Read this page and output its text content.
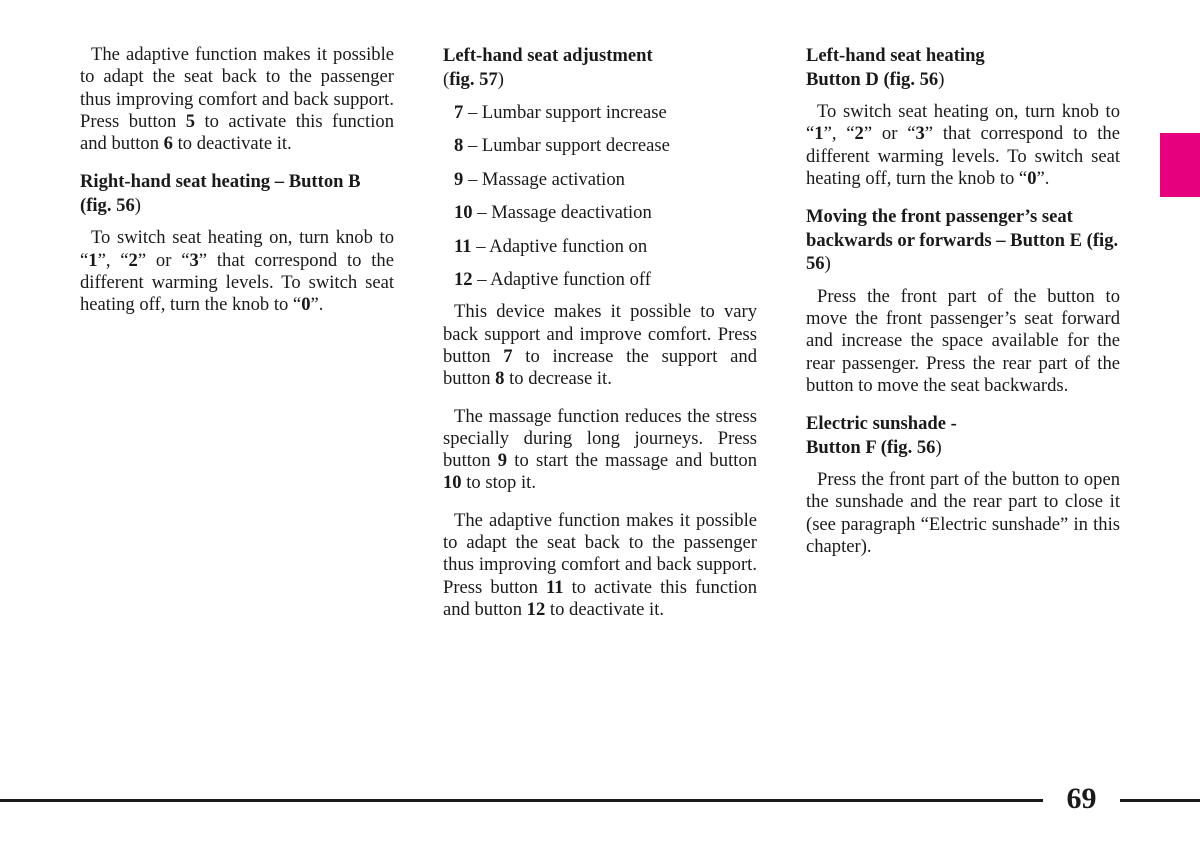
The adaptive function makes it possible to adapt the seat back to the passenger thus improving comfort and back support. Press button 5 to activate this function and button 6 to deactivate it.

Right-hand seat heating – Button B (fig. 56)

To switch seat heating on, turn knob to “1”, “2” or “3” that correspond to the different warming levels. To switch seat heating off, turn the knob to “0”.

Left-hand seat adjustment
(fig. 57)

7 – Lumbar support increase
8 – Lumbar support decrease
9 – Massage activation
10 – Massage deactivation
11 – Adaptive function on
12 – Adaptive function off

This device makes it possible to vary back support and improve comfort. Press button 7 to increase the support and button 8 to decrease it.

The massage function reduces the stress specially during long journeys. Press button 9 to start the massage and button 10 to stop it.

The adaptive function makes it possible to adapt the seat back to the passenger thus improving comfort and back support. Press button 11 to activate this function and button 12 to deactivate it.

Left-hand seat heating
Button D (fig. 56)

To switch seat heating on, turn knob to “1”, “2” or “3” that correspond to the different warming levels. To switch seat heating off, turn the knob to “0”.

Moving the front passenger’s seat backwards or forwards – Button E (fig. 56)

Press the front part of the button to move the front passenger’s seat forward and increase the space available for the rear passenger. Press the rear part of the button to move the seat backwards.

Electric sunshade -
Button F (fig. 56)

Press the front part of the button to open the sunshade and the rear part to close it (see paragraph “Electric sunshade” in this chapter).

69
